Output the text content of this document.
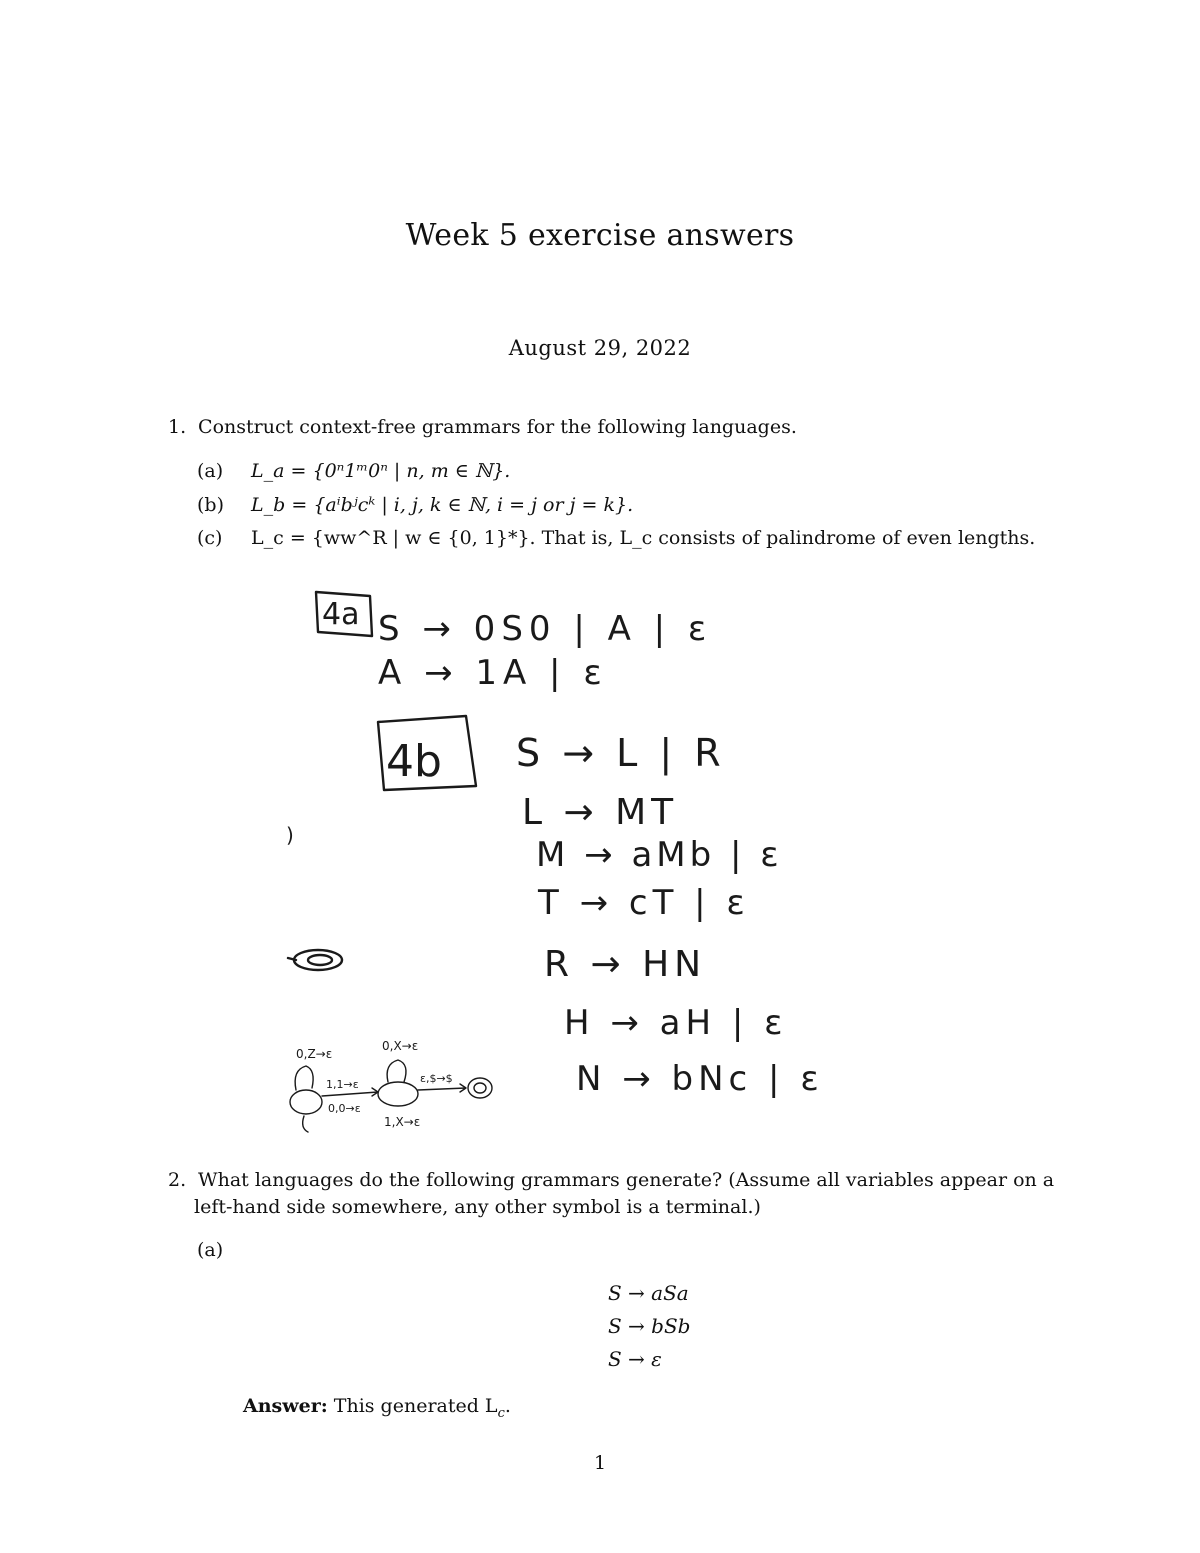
Week 5 exercise answers
August 29, 2022
1. Construct context-free grammars for the following languages.
(a) L_a = {0ⁿ1ᵐ0ⁿ | n, m ∈ ℕ}.
(b) L_b = {aⁱbʲcᵏ | i, j, k ∈ ℕ, i = j or j = k}.
(c) L_c = {ww^R | w ∈ {0, 1}*}. That is, L_c consists of palindrome of even lengths.
4a S → 0S0 | A | ε
A → 1A | ε
4b S → L | R
L → MT
M → aMb | ε
T → cT | ε
R → HN
H → aH | ε
N → bNc | ε
)
0,Z→ε
0,X→ε
1,1→ε	ε,$→$
0,0→ε
1,X→ε
2. What languages do the following grammars generate? (Assume all variables appear on a
left-hand side somewhere, any other symbol is a terminal.)
(a)
S → aSa
S → bSb
S → ε
Answer: This generated $L_c$.
1
